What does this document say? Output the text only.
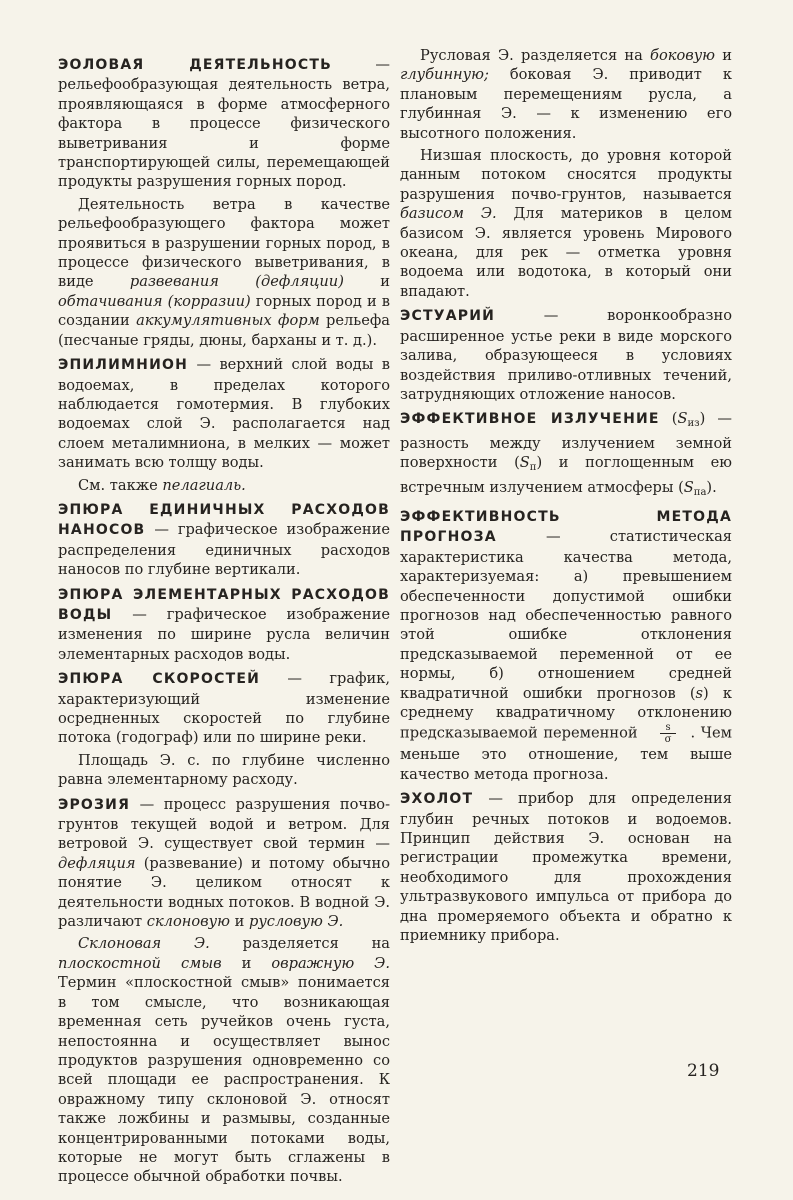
ЭОЛОВАЯ ДЕЯТЕЛЬНОСТЬ	— рельефообразующая деятельность ветра, проявляющаяся в форме атмосферного фактора в процессе физического выветривания и форме транспортирующей силы, перемещающей продукты разрушения горных пород.

Деятельность ветра в качестве рельефообразующего фактора может проявиться в разрушении горных пород, в процессе физического выветривания, в виде развевания (дефляции) и обтачивания (корразии) горных пород и в создании аккумулятивных форм рельефа (песчаные гряды, дюны, барханы и т. д.).

ЭПИЛИМНИОН — верхний слой воды в водоемах, в пределах которого наблюдается гомотермия. В глубоких водоемах слой Э. располагается над слоем металимниона, в мелких — может занимать всю толщу воды.

См. также пелагиаль.

ЭПЮРА ЕДИНИЧНЫХ РАСХОДОВ НАНОСОВ — графическое изображение распределения единичных расходов наносов по глубине вертикали.

ЭПЮРА ЭЛЕМЕНТАРНЫХ РАСХОДОВ ВОДЫ — графическое изображение изменения по ширине русла величин элементарных расходов воды.

ЭПЮРА СКОРОСТЕЙ — график, характеризующий изменение осредненных скоростей по глубине потока (годограф) или по ширине реки.

Площадь Э. с. по глубине численно равна элементарному расходу.

ЭРОЗИЯ — процесс разрушения почво-грунтов текущей водой и ветром. Для ветровой Э. существует свой термин — дефляция (развевание) и потому обычно понятие Э. целиком относят к деятельности водных потоков. В водной Э. различают склоновую и русловую Э.

Склоновая Э. разделяется на плоскостной смыв и овражную Э. Термин «плоскостной смыв» понимается в том смысле, что возникающая временная сеть ручейков очень густа, непостоянна и осуществляет вынос продуктов разрушения одновременно со всей площади ее распространения. К овражному типу склоновой Э. относят также ложбины и размывы, созданные концентрированными потоками воды, которые не могут быть сглажены в процессе обычной обработки почвы.

Русловая Э. разделяется на боковую и глубинную; боковая Э. приводит к плановым перемещениям русла, а глубинная Э. — к изменению его высотного положения.

Низшая плоскость, до уровня которой данным потоком сносятся продукты разрушения почво-грунтов, называется базисом Э. Для материков в целом базисом Э. является уровень Мирового океана, для рек — отметка уровня водоема или водотока, в который они впадают.

ЭСТУАРИЙ	— воронкообразно расширенное устье реки в виде морского залива, образующееся в условиях воздействия приливо-отливных течений, затрудняющих отложение наносов.

ЭФФЕКТИВНОЕ ИЗЛУЧЕНИЕ $(S_{из})$ — разность между излучением земной поверхности $(S_п)$ и поглощенным ею встречным излучением атмосферы $(S_{па})$.

ЭФФЕКТИВНОСТЬ МЕТОДА ПРОГНОЗА	— статистическая характеристика качества метода, характеризуемая: а) превышением обеспеченности допустимой ошибки прогнозов над обеспеченностью равного этой ошибке отклонения предсказываемой переменной от ее нормы, б) отношением средней квадратичной ошибки прогнозов (s) к среднему квадратичному отклонению предсказываемой переменной $\frac{s}{\sigma}$ . Чем меньше это отношение, тем выше качество метода прогноза.

ЭХОЛОТ — прибор для определения глубин речных потоков и водоемов. Принцип действия Э. основан на регистрации промежутка времени, необходимого для прохождения ультразвукового импульса от прибора до дна промеряемого объекта и обратно к приемнику прибора.

219
